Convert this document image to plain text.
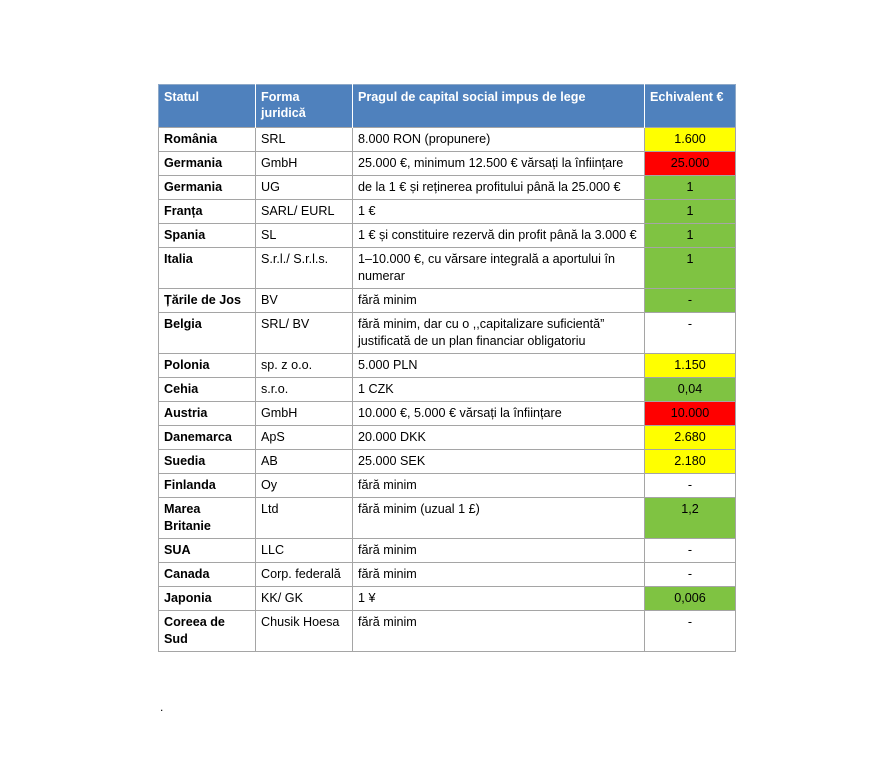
Statul	Forma juridică	Pragul de capital social impus de lege	Echivalent €
România	SRL	8.000 RON (propunere)	1.600
Germania	GmbH	25.000 €, minimum 12.500 € vărsați la înființare	25.000
Germania	UG	de la 1 € și reținerea profitului până la 25.000 €	1
Franța	SARL/ EURL	1 €	1
Spania	SL	1 € și constituire rezervă din profit până la 3.000 €	1
Italia	S.r.l./ S.r.l.s.	1–10.000 €, cu vărsare integrală a aportului în numerar	1
Țările de Jos	BV	fără minim	-
Belgia	SRL/ BV	fără minim, dar cu o ,,capitalizare suficientă” justificată de un plan financiar obligatoriu	-
Polonia	sp. z o.o.	5.000 PLN	1.150
Cehia	s.r.o.	1 CZK	0,04
Austria	GmbH	10.000 €, 5.000 € vărsați la înființare	10.000
Danemarca	ApS	20.000 DKK	2.680
Suedia	AB	25.000 SEK	2.180
Finlanda	Oy	fără minim	-
Marea Britanie	Ltd	fără minim (uzual 1 £)	1,2
SUA	LLC	fără minim	-
Canada	Corp. federală	fără minim	-
Japonia	KK/ GK	1 ¥	0,006
Coreea de Sud	Chusik Hoesa	fără minim	-
.
